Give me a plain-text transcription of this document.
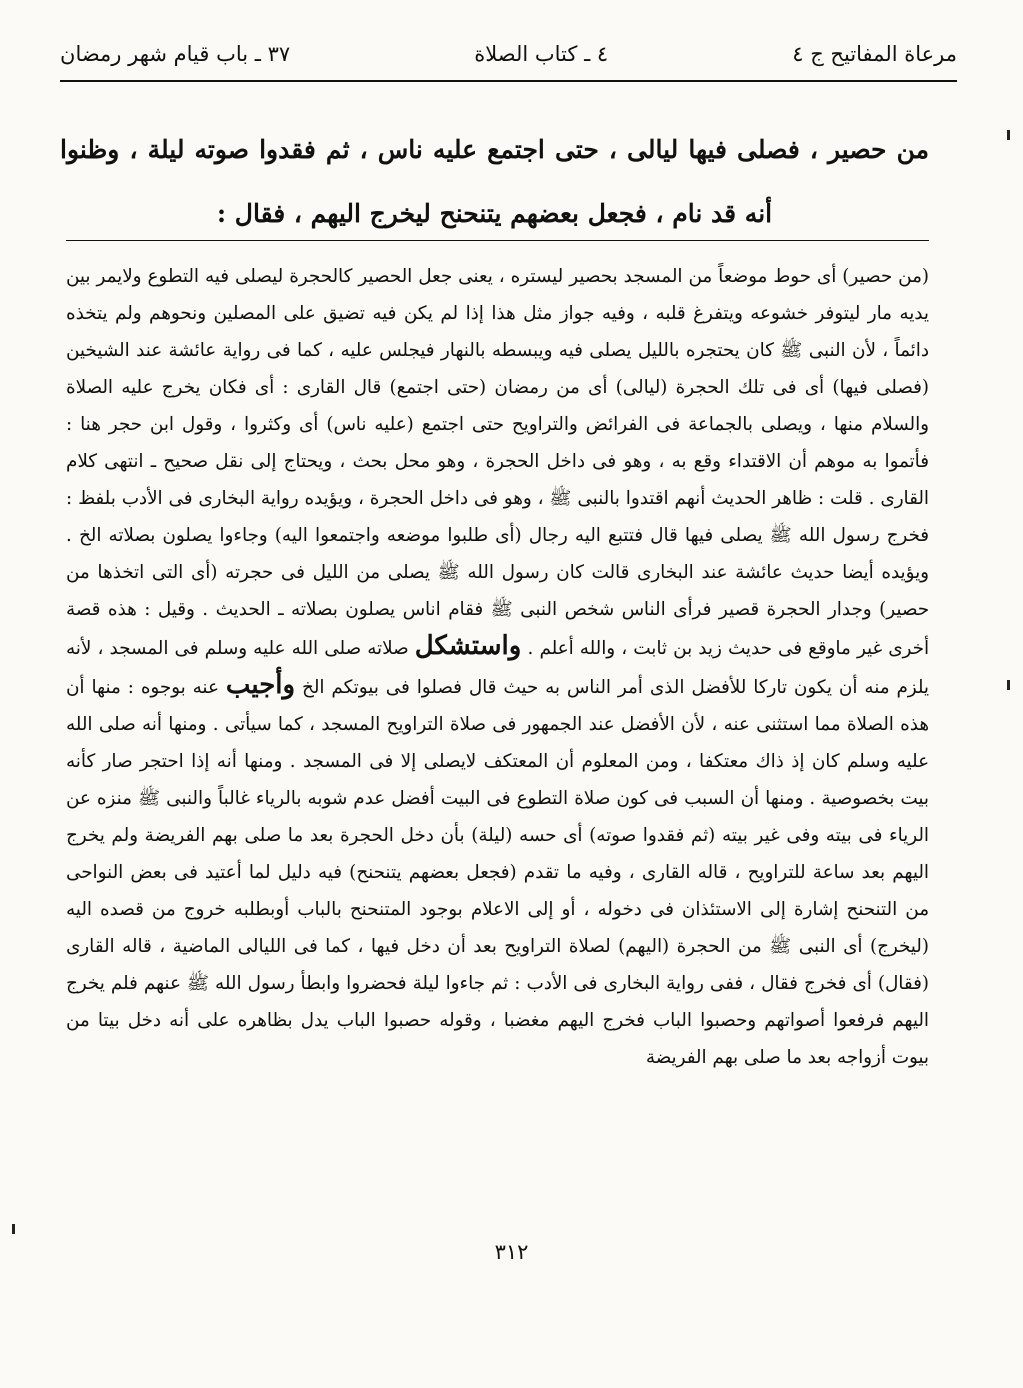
مرعاة المفاتيح ج ٤
٤ ـ كتاب الصلاة
٣٧ ـ باب قيام شهر رمضان
من حصير ، فصلى فيها ليالى ، حتى اجتمع عليه ناس ، ثم فقدوا صوته ليلة ، وظنوا أنه قد نام ، فجعل بعضهم يتنحنح ليخرج اليهم ، فقال :

(من حصير) أى حوط موضعاً من المسجد بحصير ليستره ، يعنى جعل الحصير كالحجرة ليصلى فيه التطوع ولايمر بين يديه مار ليتوفر خشوعه ويتفرغ قلبه ، وفيه جواز مثل هذا إذا لم يكن فيه تضيق على المصلين ونحوهم ولم يتخذه دائماً ، لأن النبى ﷺ كان يحتجره بالليل يصلى فيه ويبسطه بالنهار فيجلس عليه ، كما فى رواية عائشة عند الشيخين (فصلى فيها) أى فى تلك الحجرة (ليالى) أى من رمضان (حتى اجتمع) قال القارى : أى فكان يخرج عليه الصلاة والسلام منها ، ويصلى بالجماعة فى الفرائض والتراويح حتى اجتمع (عليه ناس) أى وكثروا ، وقول ابن حجر هنا : فأتموا به موهم أن الاقتداء وقع به ، وهو فى داخل الحجرة ، وهو محل بحث ، ويحتاج إلى نقل صحيح ـ انتهى كلام القارى . قلت : ظاهر الحديث أنهم اقتدوا بالنبى ﷺ ، وهو فى داخل الحجرة ، ويؤيده رواية البخارى فى الأدب بلفظ : فخرج رسول الله ﷺ يصلى فيها قال فتتبع اليه رجال (أى طلبوا موضعه واجتمعوا اليه) وجاءوا يصلون بصلاته الخ . ويؤيده أيضا حديث عائشة عند البخارى قالت كان رسول الله ﷺ يصلى من الليل فى حجرته (أى التى اتخذها من حصير) وجدار الحجرة قصير فرأى الناس شخص النبى ﷺ فقام اناس يصلون بصلاته ـ الحديث . وقيل : هذه قصة أخرى غير ماوقع فى حديث زيد بن ثابت ، والله أعلم . واستشكل صلاته صلى الله عليه وسلم فى المسجد ، لأنه يلزم منه أن يكون تاركا للأفضل الذى أمر الناس به حيث قال فصلوا فى بيوتكم الخ وأجيب عنه بوجوه : منها أن هذه الصلاة مما استثنى عنه ، لأن الأفضل عند الجمهور فى صلاة التراويح المسجد ، كما سيأتى . ومنها أنه صلى الله عليه وسلم كان إذ ذاك معتكفا ، ومن المعلوم أن المعتكف لايصلى إلا فى المسجد . ومنها أنه إذا احتجر صار كأنه بيت بخصوصية . ومنها أن السبب فى كون صلاة التطوع فى البيت أفضل عدم شوبه بالرياء غالباً والنبى ﷺ منزه عن الرياء فى بيته وفى غير بيته (ثم فقدوا صوته) أى حسه (ليلة) بأن دخل الحجرة بعد ما صلى بهم الفريضة ولم يخرج اليهم بعد ساعة للتراويح ، قاله القارى ، وفيه ما تقدم (فجعل بعضهم يتنحنح) فيه دليل لما أعتيد فى بعض النواحى من التنحنح إشارة إلى الاستئذان فى دخوله ، أو إلى الاعلام بوجود المتنحنح بالباب أوبطلبه خروج من قصده اليه (ليخرج) أى النبى ﷺ من الحجرة (اليهم) لصلاة التراويح بعد أن دخل فيها ، كما فى الليالى الماضية ، قاله القارى (فقال) أى فخرج فقال ، ففى رواية البخارى فى الأدب : ثم جاءوا ليلة فحضروا وابطأ رسول الله ﷺ عنهم فلم يخرج اليهم فرفعوا أصواتهم وحصبوا الباب فخرج اليهم مغضبا ، وقوله حصبوا الباب يدل بظاهره على أنه دخل بيتا من بيوت أزواجه بعد ما صلى بهم الفريضة

٣١٢
